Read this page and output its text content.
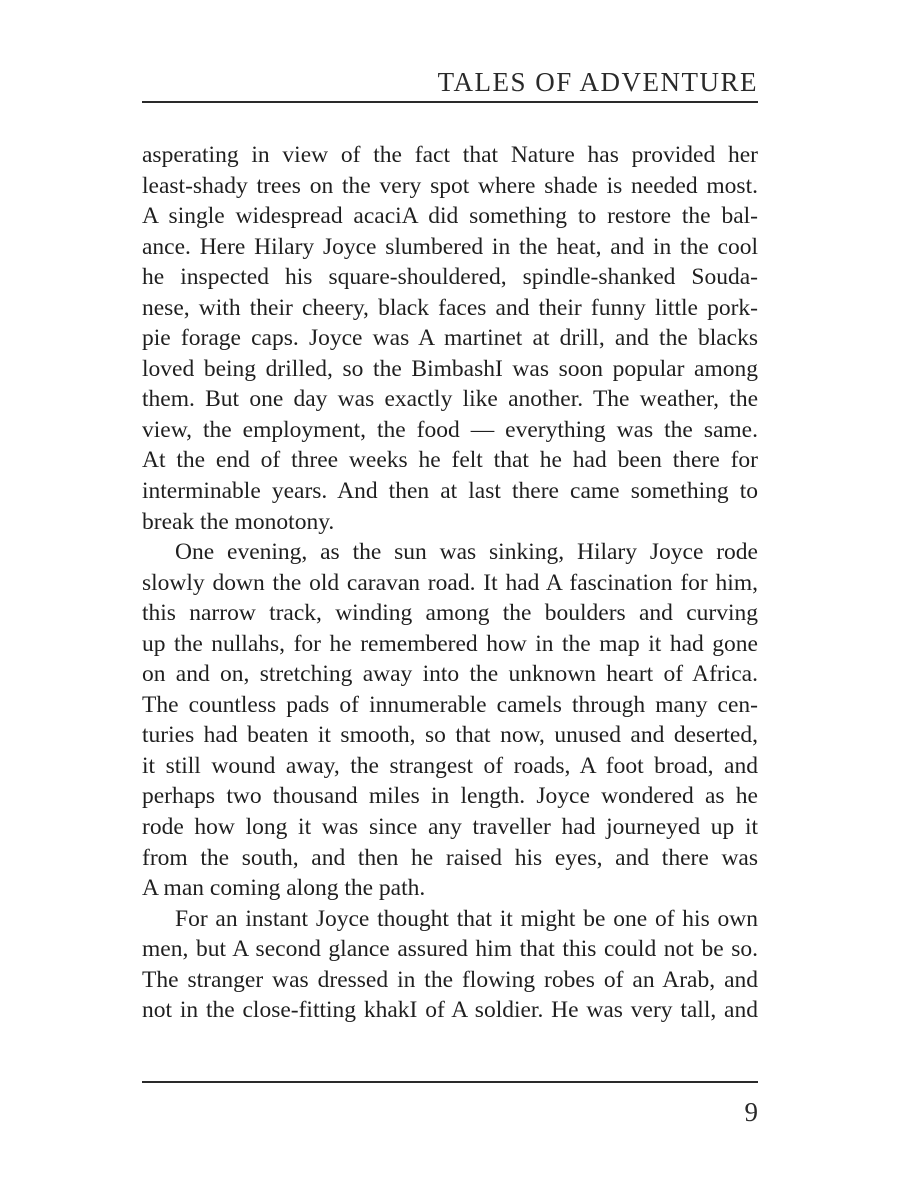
TALES OF ADVENTURE
asperating in view of the fact that Nature has provided her
least-shady trees on the very spot where shade is needed most.
A single widespread acaciA did something to restore the bal-
ance. Here Hilary Joyce slumbered in the heat, and in the cool
he inspected his square-shouldered, spindle-shanked Souda-
nese, with their cheery, black faces and their funny little pork-
pie forage caps. Joyce was A martinet at drill, and the blacks
loved being drilled, so the BimbashI was soon popular among
them. But one day was exactly like another. The weather, the
view, the employment, the food — everything was the same.
At the end of three weeks he felt that he had been there for
interminable years. And then at last there came something to
break the monotony.
One evening, as the sun was sinking, Hilary Joyce rode
slowly down the old caravan road. It had A fascination for him,
this narrow track, winding among the boulders and curving
up the nullahs, for he remembered how in the map it had gone
on and on, stretching away into the unknown heart of Africa.
The countless pads of innumerable camels through many cen-
turies had beaten it smooth, so that now, unused and deserted,
it still wound away, the strangest of roads, A foot broad, and
perhaps two thousand miles in length. Joyce wondered as he
rode how long it was since any traveller had journeyed up it
from the south, and then he raised his eyes, and there was
A man coming along the path.
For an instant Joyce thought that it might be one of his own
men, but A second glance assured him that this could not be so.
The stranger was dressed in the flowing robes of an Arab, and
not in the close-fitting khakI of A soldier. He was very tall, and
9
